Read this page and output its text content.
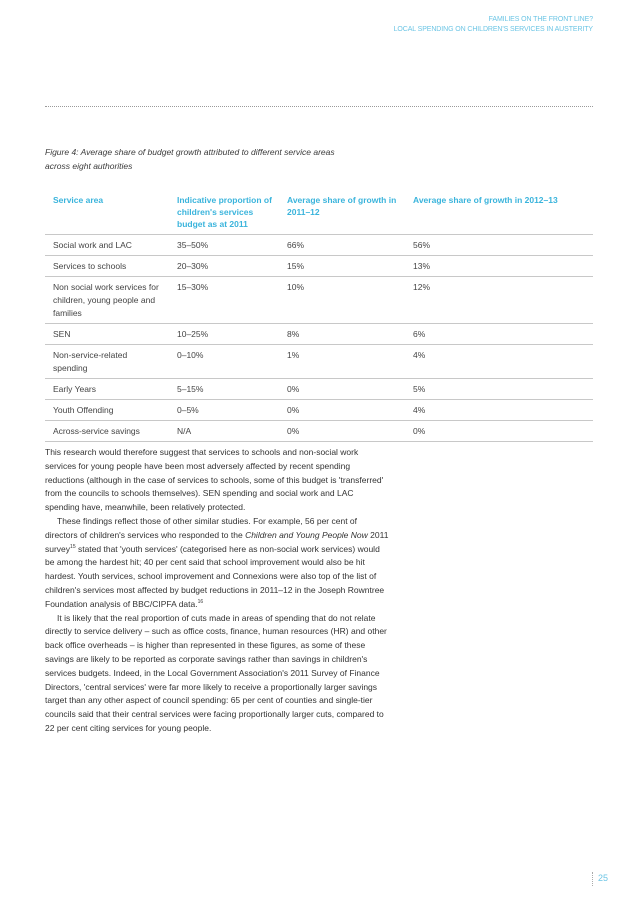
FAMILIES ON THE FRONT LINE?
LOCAL SPENDING ON CHILDREN'S SERVICES IN AUSTERITY
Figure 4: Average share of budget growth attributed to different service areas
across eight authorities
Service area	Indicative proportion of children's services budget as at 2011	Average share of growth in 2011–12	Average share of growth in 2012–13
Social work and LAC	35–50%	66%	56%
Services to schools	20–30%	15%	13%
Non social work services for children, young people and families	15–30%	10%	12%
SEN	10–25%	8%	6%
Non-service-related spending	0–10%	1%	4%
Early Years	5–15%	0%	5%
Youth Offending	0–5%	0%	4%
Across-service savings	N/A	0%	0%

This research would therefore suggest that services to schools and non-social work services for young people have been most adversely affected by recent spending reductions (although in the case of services to schools, some of this budget is 'transferred' from the councils to schools themselves). SEN spending and social work and LAC spending have, meanwhile, been relatively protected.

These findings reflect those of other similar studies. For example, 56 per cent of directors of children's services who responded to the Children and Young People Now 2011 survey$^{15}$ stated that 'youth services' (categorised here as non-social work services) would be among the hardest hit; 40 per cent said that school improvement would also be hit hardest. Youth services, school improvement and Connexions were also top of the list of children's services most affected by budget reductions in 2011–12 in the Joseph Rowntree Foundation analysis of BBC/CIPFA data.$^{16}$

It is likely that the real proportion of cuts made in areas of spending that do not relate directly to service delivery – such as office costs, finance, human resources (HR) and other back office overheads – is higher than represented in these figures, as some of these savings are likely to be reported as corporate savings rather than savings in children's services budgets. Indeed, in the Local Government Association's 2011 Survey of Finance Directors, 'central services' were far more likely to receive a proportionally larger savings target than any other aspect of council spending: 65 per cent of counties and single-tier councils said that their central services were facing proportionally larger cuts, compared to 22 per cent citing services for young people.

25
